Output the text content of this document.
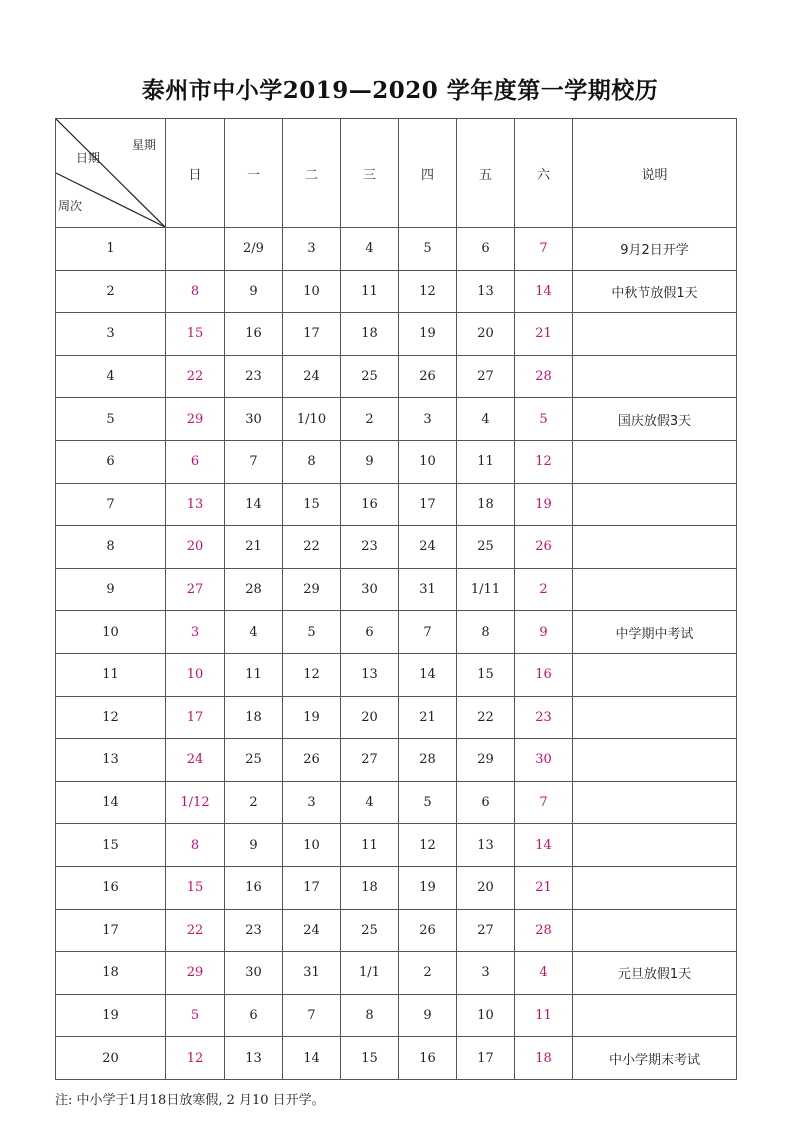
泰州市中小学2019—2020 学年度第一学期校历
星期
日期
周次	日	一	二	三	四	五	六	说明
1		2/9	3	4	5	6	7	9月2日开学
2	8	9	10	11	12	13	14	中秋节放假1天
3	15	16	17	18	19	20	21	
4	22	23	24	25	26	27	28	
5	29	30	1/10	2	3	4	5	国庆放假3天
6	6	7	8	9	10	11	12	
7	13	14	15	16	17	18	19	
8	20	21	22	23	24	25	26	
9	27	28	29	30	31	1/11	2	
10	3	4	5	6	7	8	9	中学期中考试
11	10	11	12	13	14	15	16	
12	17	18	19	20	21	22	23	
13	24	25	26	27	28	29	30	
14	1/12	2	3	4	5	6	7	
15	8	9	10	11	12	13	14	
16	15	16	17	18	19	20	21	
17	22	23	24	25	26	27	28	
18	29	30	31	1/1	2	3	4	元旦放假1天
19	5	6	7	8	9	10	11	
20	12	13	14	15	16	17	18	中小学期末考试
注: 中小学于1月18日放寒假, 2 月10 日开学。
